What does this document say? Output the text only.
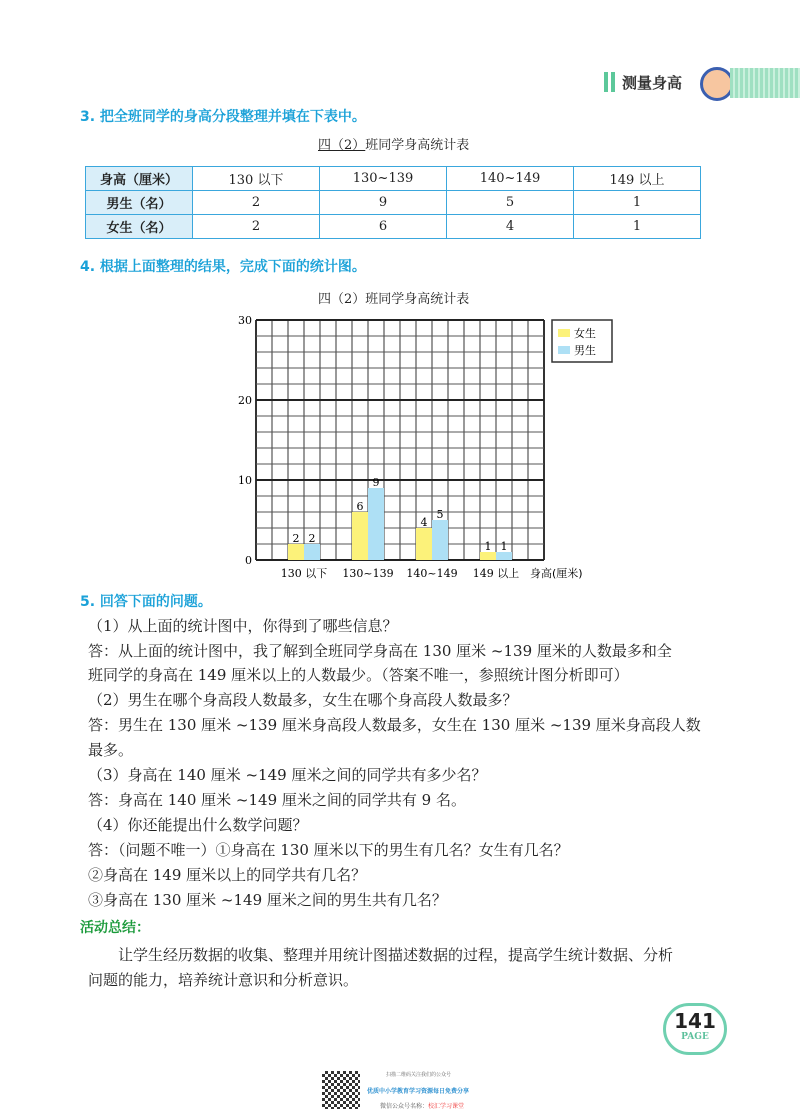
测量身高
3. 把全班同学的身高分段整理并填在下表中。
四（2）班同学身高统计表
身高（厘米）	130 以下	130~139	140~149	149 以上
男生（名）	2	9	5	1
女生（名）	2	6	4	1
4. 根据上面整理的结果，完成下面的统计图。
四（2）班同学身高统计表
0
10
20
30
2 2
130 以下
6
9
130~139
4
5
140~149
1 1
149 以上 身高(厘米)
女生
男生
5. 回答下面的问题。
（1）从上面的统计图中，你得到了哪些信息？
答：从上面的统计图中，我了解到全班同学身高在 130 厘米 ~139 厘米的人数最多和全
班同学的身高在 149 厘米以上的人数最少。（答案不唯一，参照统计图分析即可）
（2）男生在哪个身高段人数最多，女生在哪个身高段人数最多？
答：男生在 130 厘米 ~139 厘米身高段人数最多，女生在 130 厘米 ~139 厘米身高段人数
最多。
（3）身高在 140 厘米 ~149 厘米之间的同学共有多少名？
答：身高在 140 厘米 ~149 厘米之间的同学共有 9 名。
（4）你还能提出什么数学问题？
答：（问题不唯一）①身高在 130 厘米以下的男生有几名？女生有几名？
②身高在 149 厘米以上的同学共有几名？
③身高在 130 厘米 ~149 厘米之间的男生共有几名？
活动总结：
让学生经历数据的收集、整理并用统计图描述数据的过程，提高学生统计数据、分析
问题的能力，培养统计意识和分析意识。
141
PAGE
扫描二维码关注我们的公众号
优质中小学教育学习资源每日免费分享
微信公众号名称：校汇学习课堂
